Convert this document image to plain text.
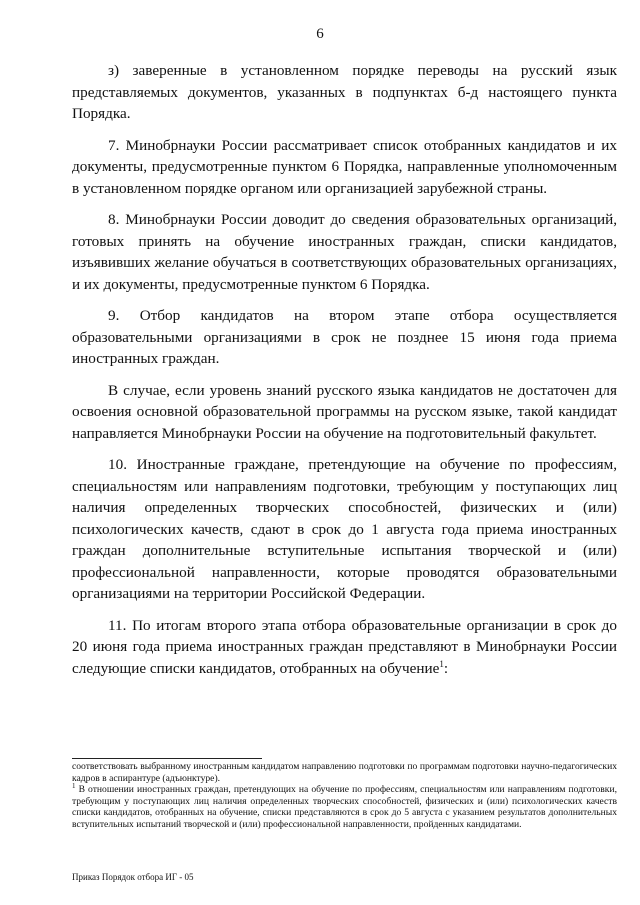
6

з) заверенные в установленном порядке переводы на русский язык представляемых документов, указанных в подпунктах б-д настоящего пункта Порядка.

7. Минобрнауки России рассматривает список отобранных кандидатов и их документы, предусмотренные пунктом 6 Порядка, направленные уполномоченным в установленном порядке органом или организацией зарубежной страны.

8. Минобрнауки России доводит до сведения образовательных организаций, готовых принять на обучение иностранных граждан, списки кандидатов, изъявивших желание обучаться в соответствующих образовательных организациях, и их документы, предусмотренные пунктом 6 Порядка.

9. Отбор кандидатов на втором этапе отбора осуществляется образовательными организациями в срок не позднее 15 июня года приема иностранных граждан.

В случае, если уровень знаний русского языка кандидатов не достаточен для освоения основной образовательной программы на русском языке, такой кандидат направляется Минобрнауки России на обучение на подготовительный факультет.

10. Иностранные граждане, претендующие на обучение по профессиям, специальностям или направлениям подготовки, требующим у поступающих лиц наличия определенных творческих способностей, физических и (или) психологических качеств, сдают в срок до 1 августа года приема иностранных граждан дополнительные вступительные испытания творческой и (или) профессиональной направленности, которые проводятся образовательными организациями на территории Российской Федерации.

11. По итогам второго этапа отбора образовательные организации в срок до 20 июня года приема иностранных граждан представляют в Минобрнауки России следующие списки кандидатов, отобранных на обучение$^1$:

соответствовать выбранному иностранным кандидатом направлению подготовки по программам подготовки научно-педагогических кадров в аспирантуре (адъюнктуре).

$^1$ В отношении иностранных граждан, претендующих на обучение по профессиям, специальностям или направлениям подготовки, требующим у поступающих лиц наличия определенных творческих способностей, физических и (или) психологических качеств списки кандидатов, отобранных на обучение, списки представляются в срок до 5 августа с указанием результатов дополнительных вступительных испытаний творческой и (или) профессиональной направленности, пройденных кандидатами.

Приказ Порядок отбора ИГ - 05
